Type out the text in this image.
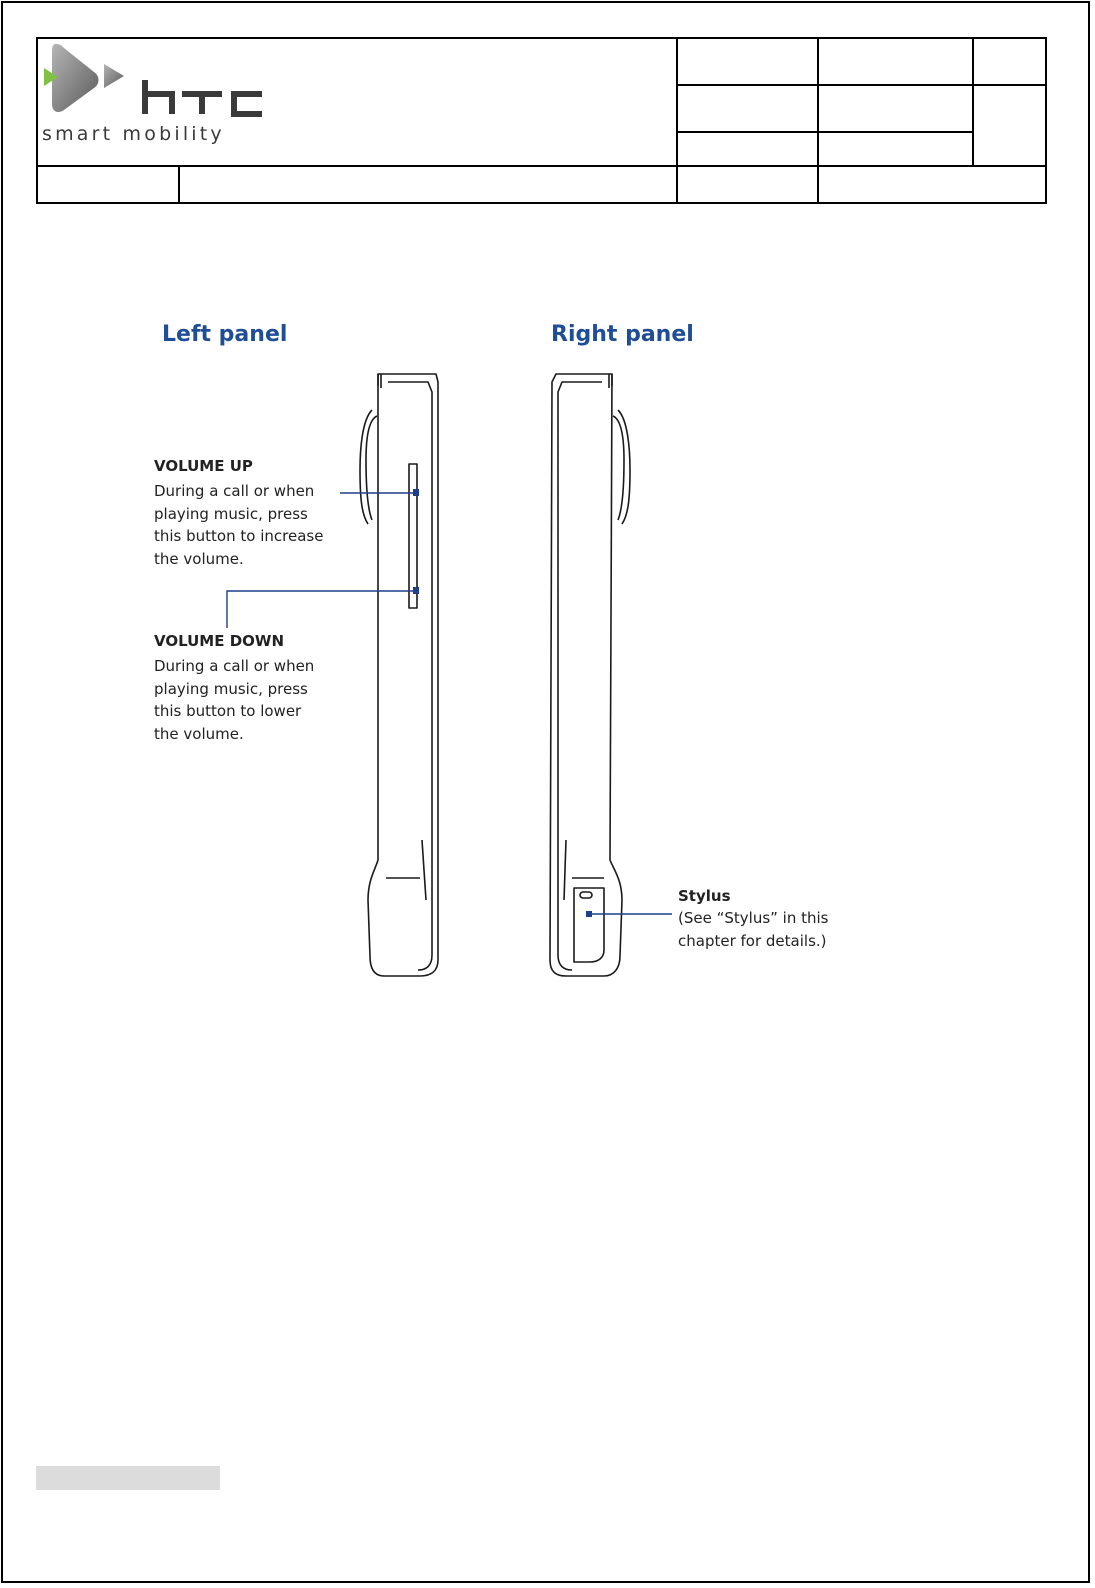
smart mobility				

Left panel	Right panel
VOLUME UP
During a call or when
playing music, press
this button to increase
the volume.
VOLUME DOWN
During a call or when
playing music, press
this button to lower
the volume.
Stylus
(See “Stylus” in this
chapter for details.)
